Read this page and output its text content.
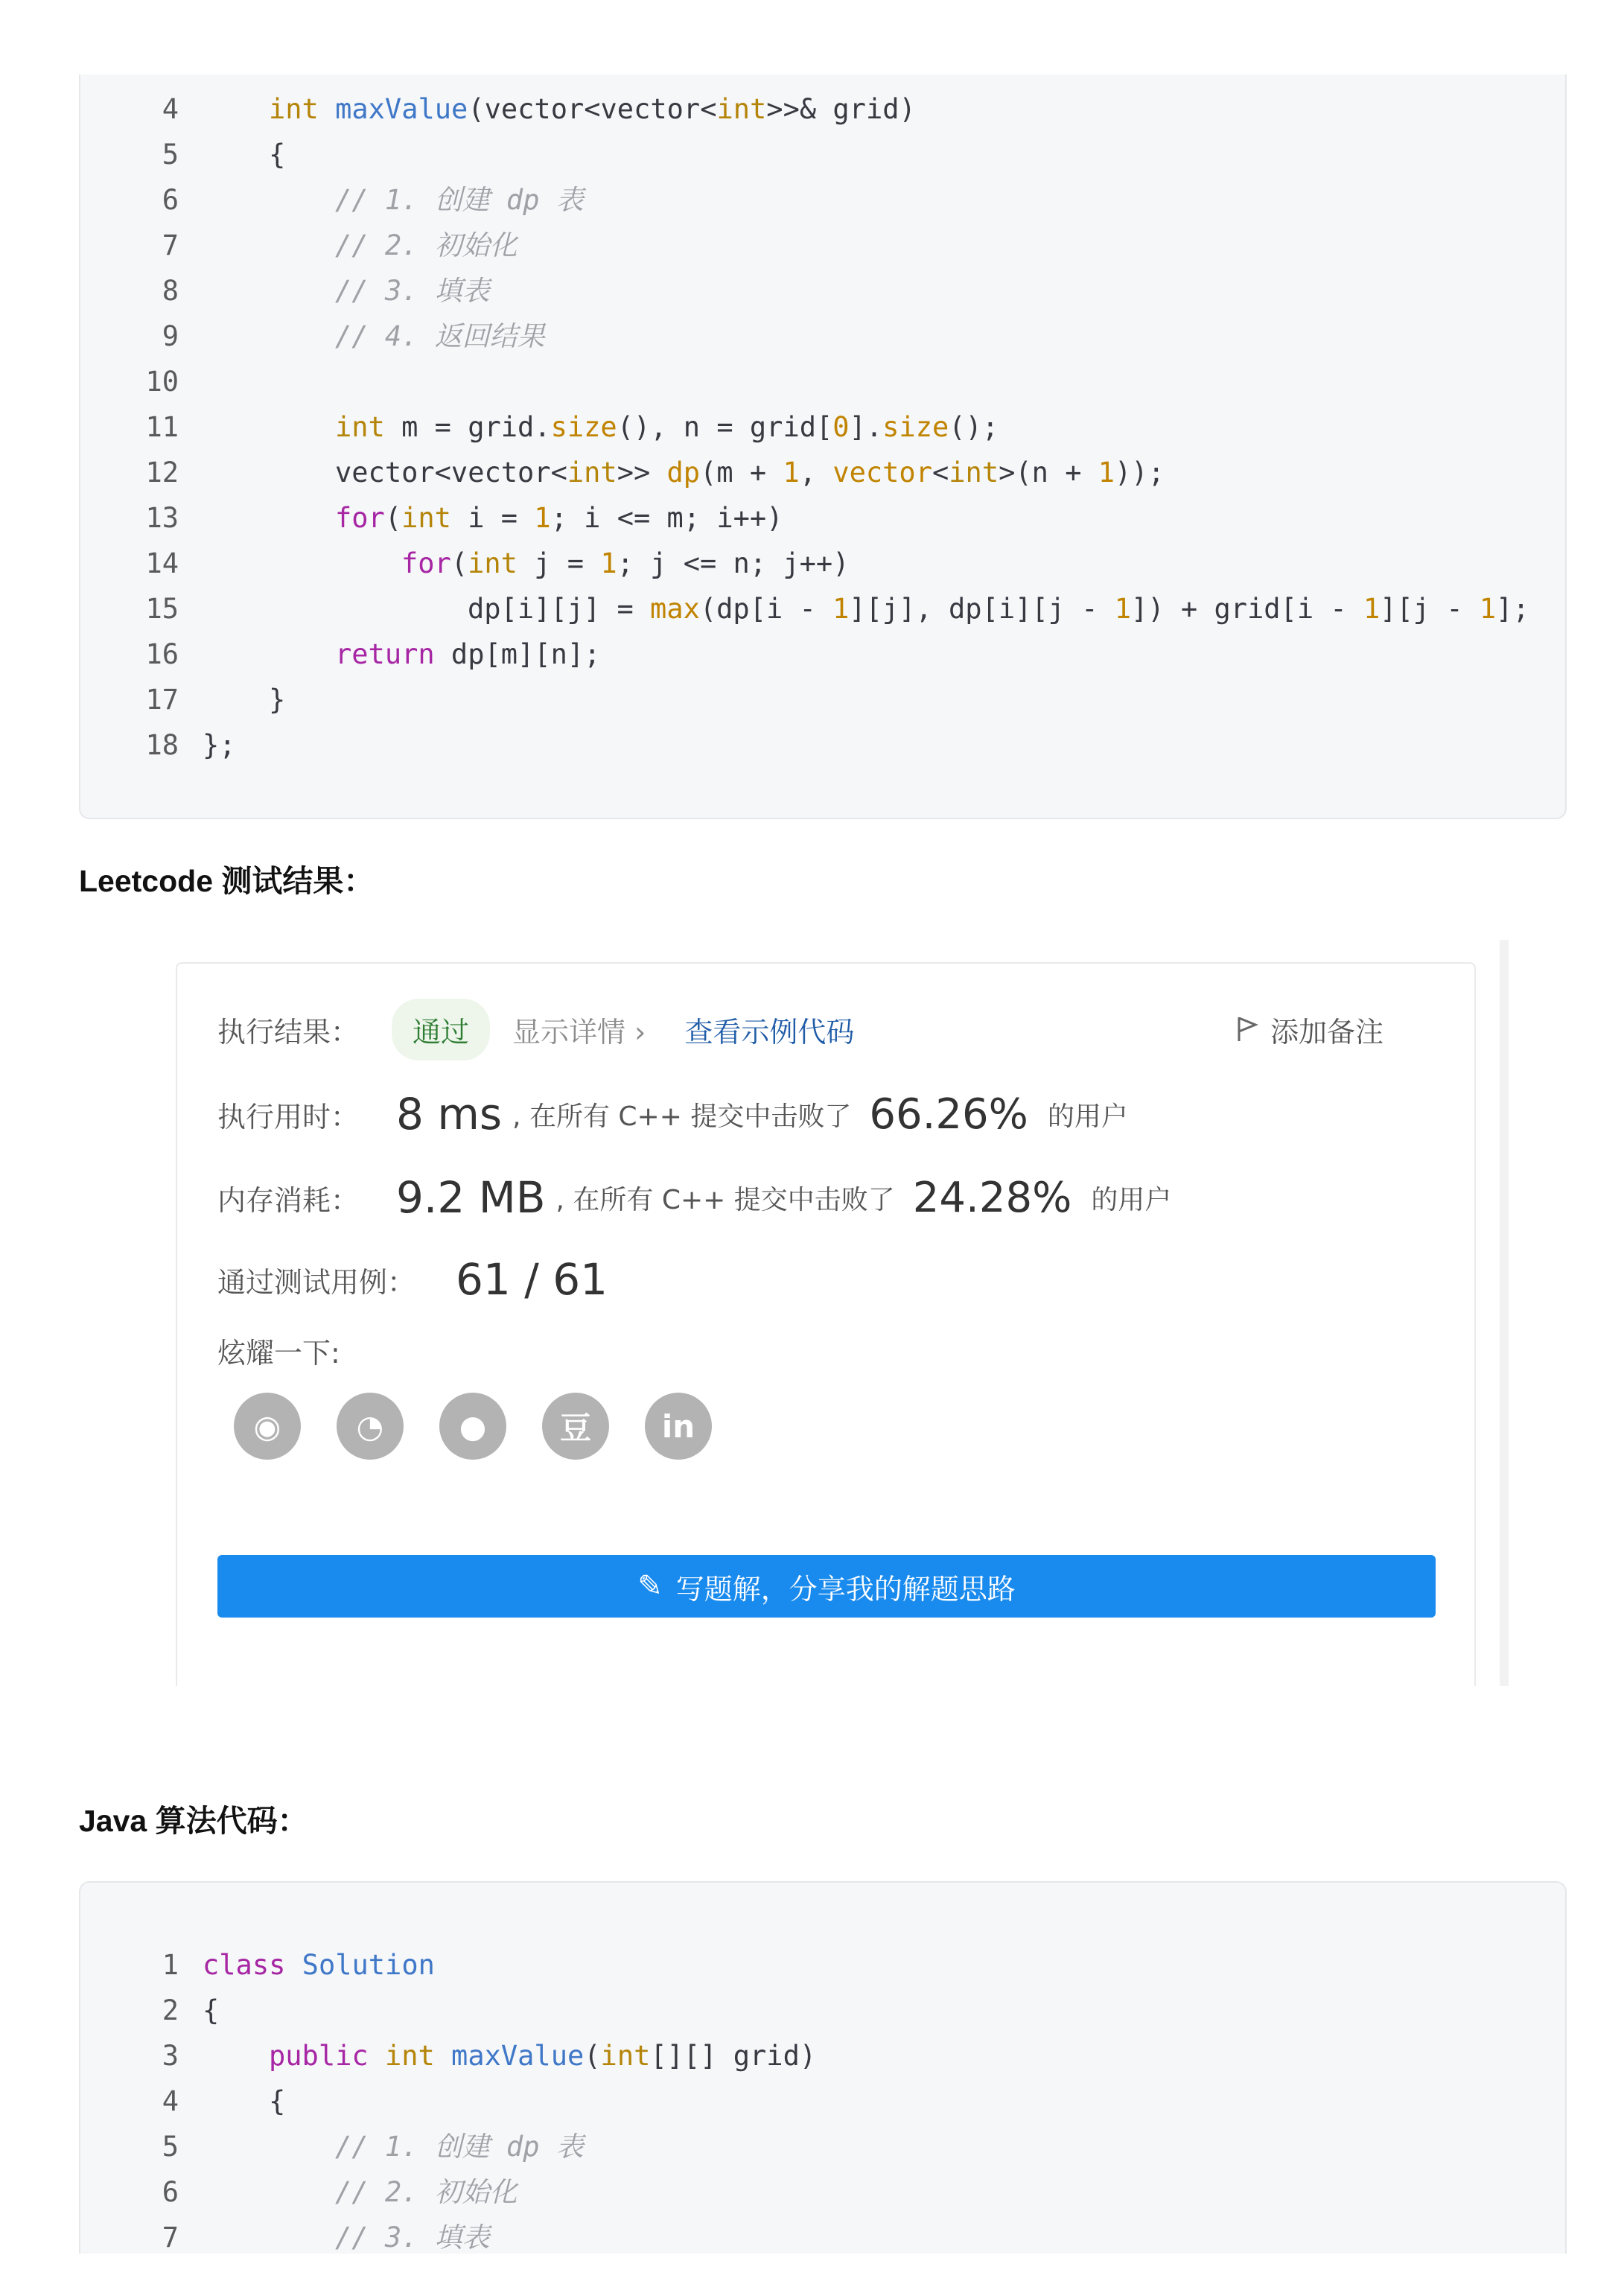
4	int maxValue(vector<vector<int>>& grid)
5	{
6	// 1. 创建 dp 表
7	// 2. 初始化
8	// 3. 填表
9	// 4. 返回结果
10
11	int m = grid.size(), n = grid[0].size();
12	vector<vector<int>> dp(m + 1, vector<int>(n + 1));
13	for(int i = 1; i <= m; i++)
14	for(int j = 1; j <= n; j++)
15	dp[i][j] = max(dp[i - 1][j], dp[i][j - 1]) + grid[i - 1][j - 1];
16	return dp[m][n];
17	}
18 };
Leetcode 测试结果：
执行结果：	通过	显示详情 › 查看示例代码	添加备注
执行用时： 8 ms , 在所有 C++ 提交中击败了 66.26% 的用户
内存消耗： 9.2 MB , 在所有 C++ 提交中击败了 24.28% 的用户
通过测试用例： 61 / 61
炫耀一下:
◉	◔	●	豆	in
✎ 写题解，分享我的解题思路
Java 算法代码：
1 class Solution
2 {
3	public int maxValue(int[][] grid)
4	{
5	// 1. 创建 dp 表
6	// 2. 初始化
7	// 3. 填表
